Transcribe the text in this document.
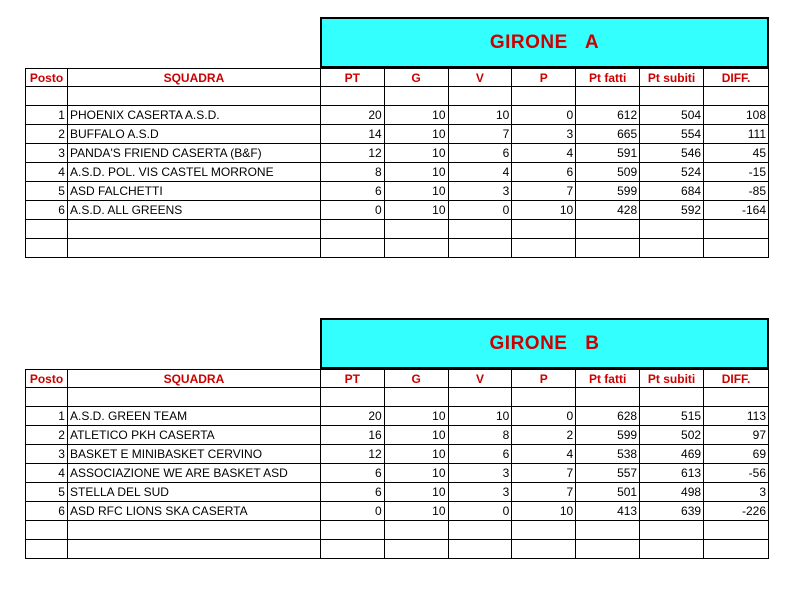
GIRONE A
Posto	SQUADRA	PT	G	V	P	Pt fatti	Pt subiti	DIFF.

1	PHOENIX CASERTA A.S.D.	20	10	10	0	612	504	108
2	BUFFALO A.S.D	14	10	7	3	665	554	111
3	PANDA'S FRIEND CASERTA (B&F)	12	10	6	4	591	546	45
4	A.S.D. POL. VIS CASTEL MORRONE	8	10	4	6	509	524	-15
5	ASD FALCHETTI	6	10	3	7	599	684	-85
6	A.S.D. ALL GREENS	0	10	0	10	428	592	-164

GIRONE B
Posto	SQUADRA	PT	G	V	P	Pt fatti	Pt subiti	DIFF.

1	A.S.D. GREEN TEAM	20	10	10	0	628	515	113
2	ATLETICO PKH CASERTA	16	10	8	2	599	502	97
3	BASKET E MINIBASKET CERVINO	12	10	6	4	538	469	69
4	ASSOCIAZIONE WE ARE BASKET ASD	6	10	3	7	557	613	-56
5	STELLA DEL SUD	6	10	3	7	501	498	3
6	ASD RFC LIONS SKA CASERTA	0	10	0	10	413	639	-226
